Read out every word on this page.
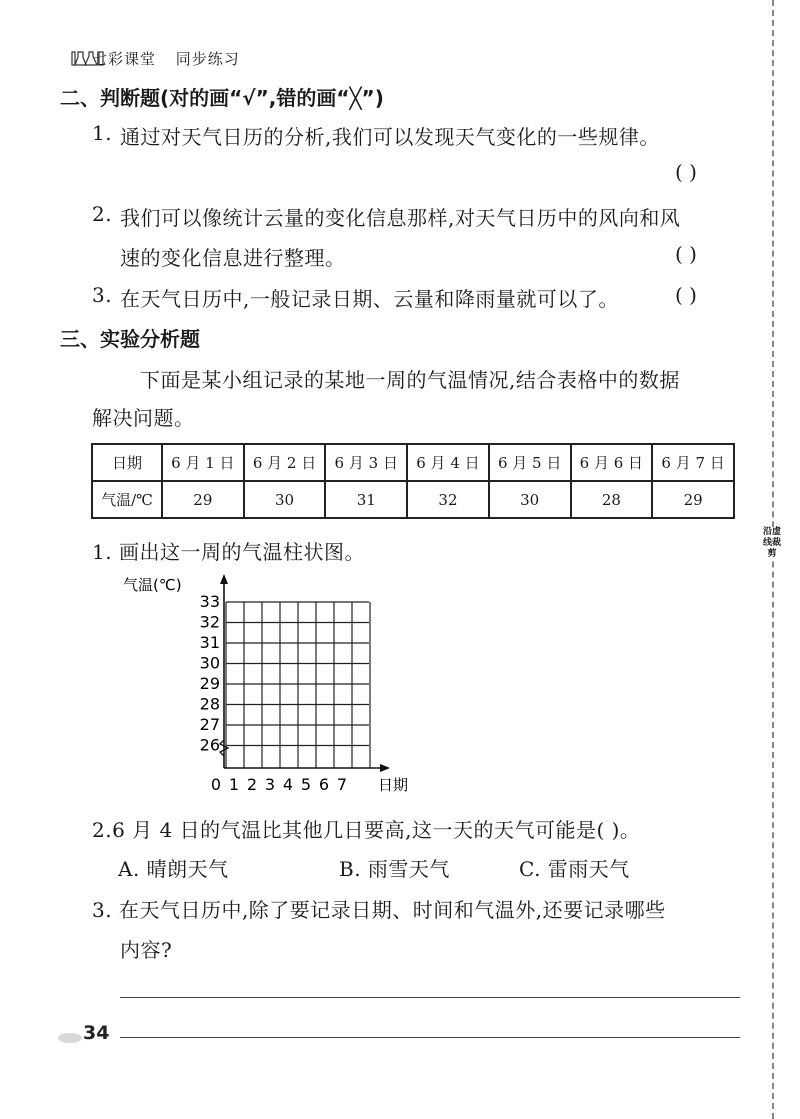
七彩课堂 同步练习
沿虚线裁剪
二、判断题(对的画“√”,错的画“╳”)
1. 通过对天气日历的分析,我们可以发现天气变化的一些规律。
( )
2. 我们可以像统计云量的变化信息那样,对天气日历中的风向和风
速的变化信息进行整理。	( )
3. 在天气日历中,一般记录日期、云量和降雨量就可以了。	( )
三、实验分析题
下面是某小组记录的某地一周的气温情况,结合表格中的数据
解决问题。
日期	6 月 1 日	6 月 2 日	6 月 3 日	6 月 4 日	6 月 5 日	6 月 6 日	6 月 7 日
气温/℃	29	30	31	32	30	28	29
1. 画出这一周的气温柱状图。
气温(℃)
日期
33
32
31
30
29
28
27
26
0 1 2 3 4 5 6 7
2.6 月 4 日的气温比其他几日要高,这一天的天气可能是( )。
A. 晴朗天气	B. 雨雪天气	C. 雷雨天气
3. 在天气日历中,除了要记录日期、时间和气温外,还要记录哪些
内容?
34
